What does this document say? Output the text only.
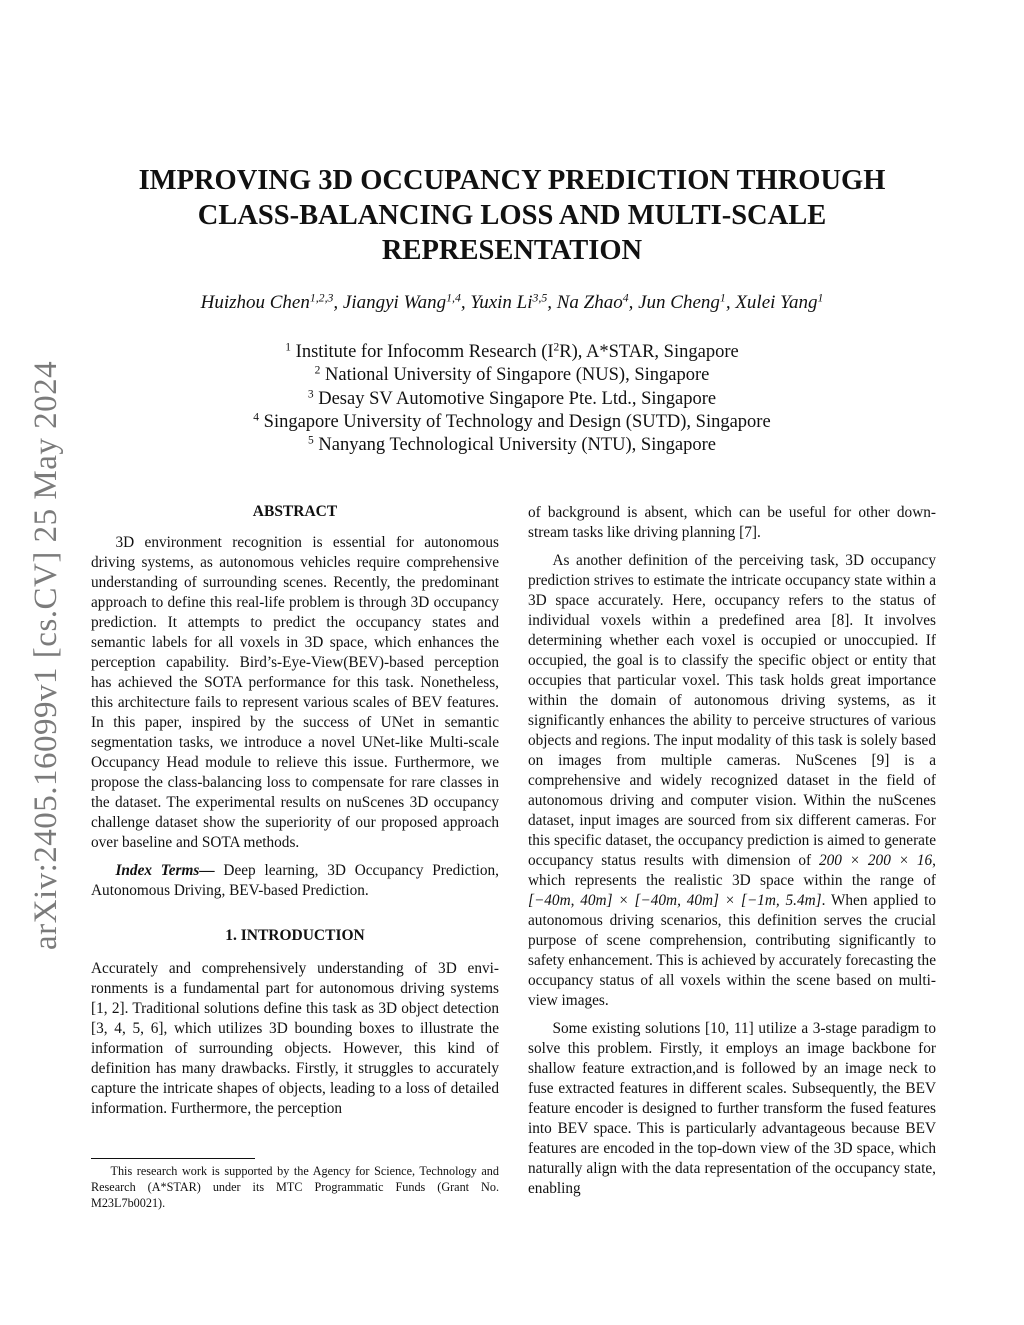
arXiv:2405.16099v1 [cs.CV] 25 May 2024
IMPROVING 3D OCCUPANCY PREDICTION THROUGH
CLASS-BALANCING LOSS AND MULTI-SCALE
REPRESENTATION
Huizhou Chen$^{1,2,3}$, Jiangyi Wang$^{1,4}$, Yuxin Li$^{3,5}$, Na Zhao$^4$, Jun Cheng$^1$, Xulei Yang$^1$
$^1$ Institute for Infocomm Research $(I^2R)$, A*STAR, Singapore
$^2$ National University of Singapore (NUS), Singapore
$^3$ Desay SV Automotive Singapore Pte. Ltd., Singapore
$^4$ Singapore University of Technology and Design (SUTD), Singapore
$^5$ Nanyang Technological University (NTU), Singapore
ABSTRACT

3D environment recognition is essential for autonomous driving systems, as autonomous vehicles require comprehensive understanding of surrounding scenes. Recently, the predominant approach to define this real-life problem is through 3D occupancy prediction. It attempts to predict the occupancy states and semantic labels for all voxels in 3D space, which enhances the perception capability. Bird’s-Eye-View(BEV)-based perception has achieved the SOTA performance for this task. Nonetheless, this architecture fails to represent various scales of BEV features. In this paper, inspired by the success of UNet in semantic segmentation tasks, we introduce a novel UNet-like Multi-scale Occupancy Head module to relieve this issue. Furthermore, we propose the class-balancing loss to compensate for rare classes in the dataset. The experimental results on nuScenes 3D occupancy challenge dataset show the superiority of our proposed approach over baseline and SOTA methods.

Index Terms— Deep learning, 3D Occupancy Prediction, Autonomous Driving, BEV-based Prediction.

1. INTRODUCTION

Accurately and comprehensively understanding of 3D environments is a fundamental part for autonomous driving systems [1, 2]. Traditional solutions define this task as 3D object detection [3, 4, 5, 6], which utilizes 3D bounding boxes to illustrate the information of surrounding objects. However, this kind of definition has many drawbacks. Firstly, it struggles to accurately capture the intricate shapes of objects, leading to a loss of detailed information. Furthermore, the perception

This research work is supported by the Agency for Science, Technology and Research (A*STAR) under its MTC Programmatic Funds (Grant No. M23L7b0021).

of background is absent, which can be useful for other downstream tasks like driving planning [7].

As another definition of the perceiving task, 3D occupancy prediction strives to estimate the intricate occupancy state within a 3D space accurately. Here, occupancy refers to the status of individual voxels within a predefined area [8]. It involves determining whether each voxel is occupied or unoccupied. If occupied, the goal is to classify the specific object or entity that occupies that particular voxel. This task holds great importance within the domain of autonomous driving systems, as it significantly enhances the ability to perceive structures of various objects and regions. The input modality of this task is solely based on images from multiple cameras. NuScenes [9] is a comprehensive and widely recognized dataset in the field of autonomous driving and computer vision. Within the nuScenes dataset, input images are sourced from six different cameras. For this specific dataset, the occupancy prediction is aimed to generate occupancy status results with dimension of 200 × 200 × 16, which represents the realistic 3D space within the range of [−40m, 40m] × [−40m, 40m] × [−1m, 5.4m]. When applied to autonomous driving scenarios, this definition serves the crucial purpose of scene comprehension, contributing significantly to safety enhancement. This is achieved by accurately forecasting the occupancy status of all voxels within the scene based on multiview images.

Some existing solutions [10, 11] utilize a 3-stage paradigm to solve this problem. Firstly, it employs an image backbone for shallow feature extraction,and is followed by an image neck to fuse extracted features in different scales. Subsequently, the BEV feature encoder is designed to further transform the fused features into BEV space. This is particularly advantageous because BEV features are encoded in the top-down view of the 3D space, which naturally align with the data representation of the occupancy state, enabling
